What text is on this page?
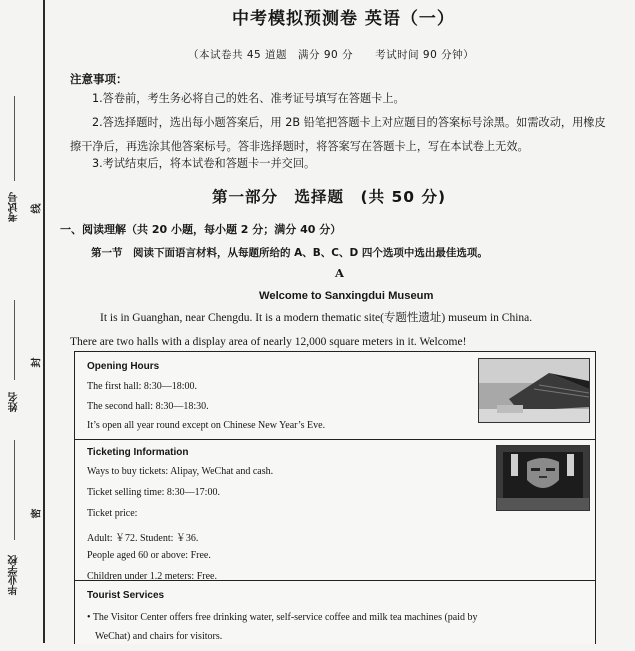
考试号
姓名
毕业学校
线
封
密
中考模拟预测卷 英语（一）
（本试卷共 45 道题　满分 90 分　　考试时间 90 分钟）
注意事项：
1.答卷前，考生务必将自己的姓名、准考证号填写在答题卡上。
2.答选择题时，选出每小题答案后，用 2B 铅笔把答题卡上对应题目的答案标号涂黑。如需改动，用橡皮擦干净后，再选涂其他答案标号。答非选择题时，将答案写在答题卡上，写在本试卷上无效。
3.考试结束后，将本试卷和答题卡一并交回。
第一部分　选择题　(共 50 分)
一、阅读理解（共 20 小题，每小题 2 分；满分 40 分）
第一节　阅读下面语言材料，从每题所给的 A、B、C、D 四个选项中选出最佳选项。
A
Welcome to Sanxingdui Museum
It is in Guanghan, near Chengdu. It is a modern thematic site(专题性遗址) museum in China.
There are two halls with a display area of nearly 12,000 square meters in it. Welcome!
Opening Hours
The first hall: 8:30—18:00.
The second hall: 8:30—18:30.
It’s open all year round except on Chinese New Year’s Eve.
Ticketing Information
Ways to buy tickets: Alipay, WeChat and cash.
Ticket selling time: 8:30—17:00.
Ticket price:
Adult: ￥72. Student: ￥36.
People aged 60 or above: Free.
Children under 1.2 meters: Free.
Tourist Services
• The Visitor Center offers free drinking water, self-service coffee and milk tea machines (paid by
WeChat) and chairs for visitors.
